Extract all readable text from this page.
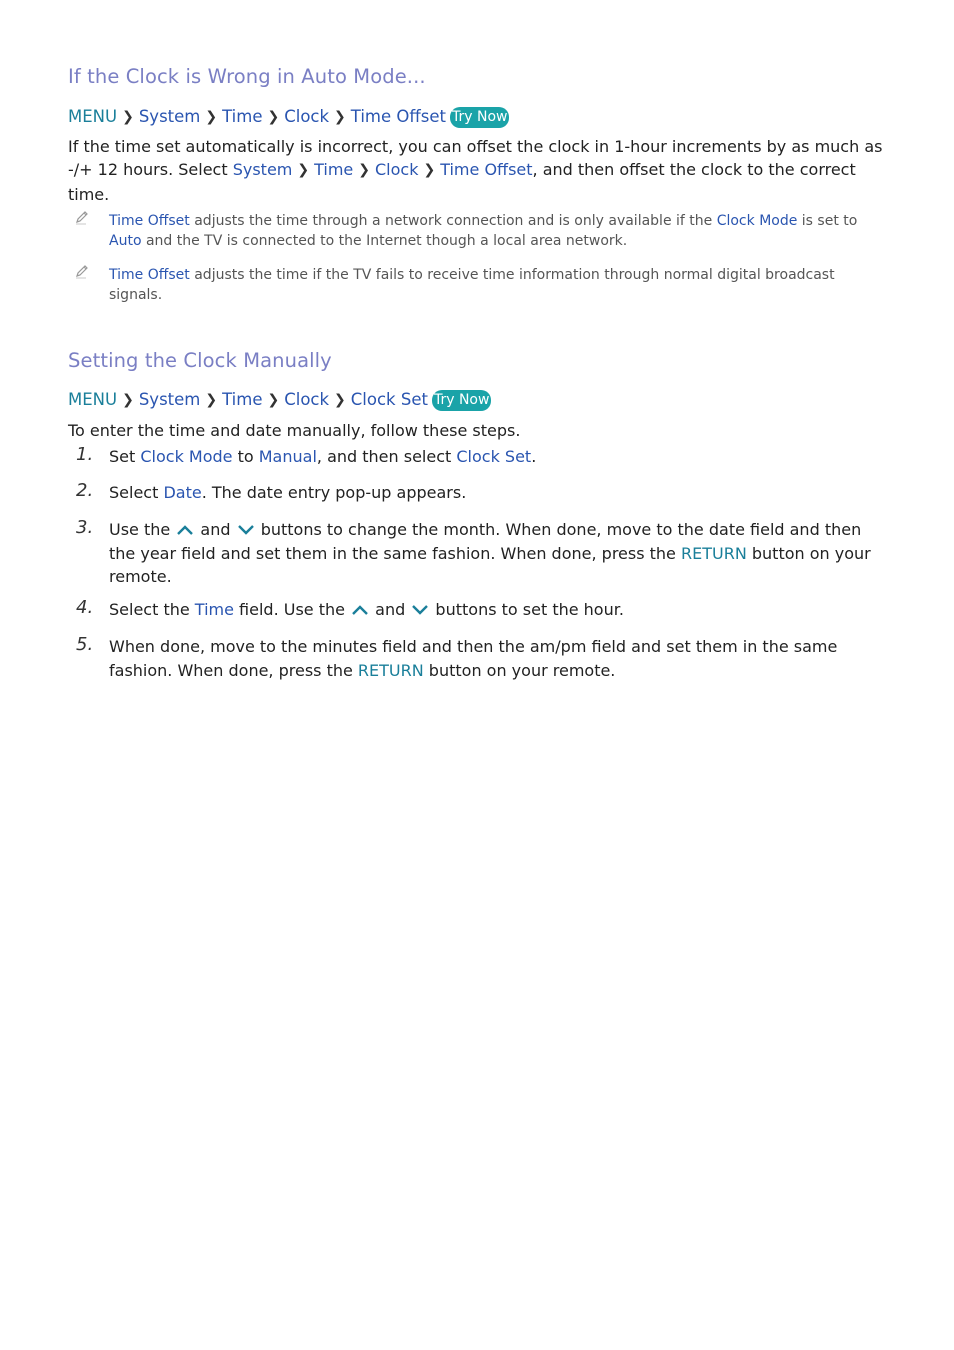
If the Clock is Wrong in Auto Mode...
MENU ❯ System ❯ Time ❯ Clock ❯ Time Offset Try Now
If the time set automatically is incorrect, you can offset the clock in 1-hour increments by as much as -/+ 12 hours. Select System ❯ Time ❯ Clock ❯ Time Offset, and then offset the clock to the correct time.
Time Offset adjusts the time through a network connection and is only available if the Clock Mode is set to Auto and the TV is connected to the Internet though a local area network.
Time Offset adjusts the time if the TV fails to receive time information through normal digital broadcast signals.
Setting the Clock Manually
MENU ❯ System ❯ Time ❯ Clock ❯ Clock Set Try Now
To enter the time and date manually, follow these steps.
1. Set Clock Mode to Manual, and then select Clock Set.
2. Select Date. The date entry pop-up appears.
3. Use the  and  buttons to change the month. When done, move to the date field and then the year field and set them in the same fashion. When done, press the RETURN button on your remote.
4. Select the Time field. Use the  and  buttons to set the hour.
5. When done, move to the minutes field and then the am/pm field and set them in the same fashion. When done, press the RETURN button on your remote.
